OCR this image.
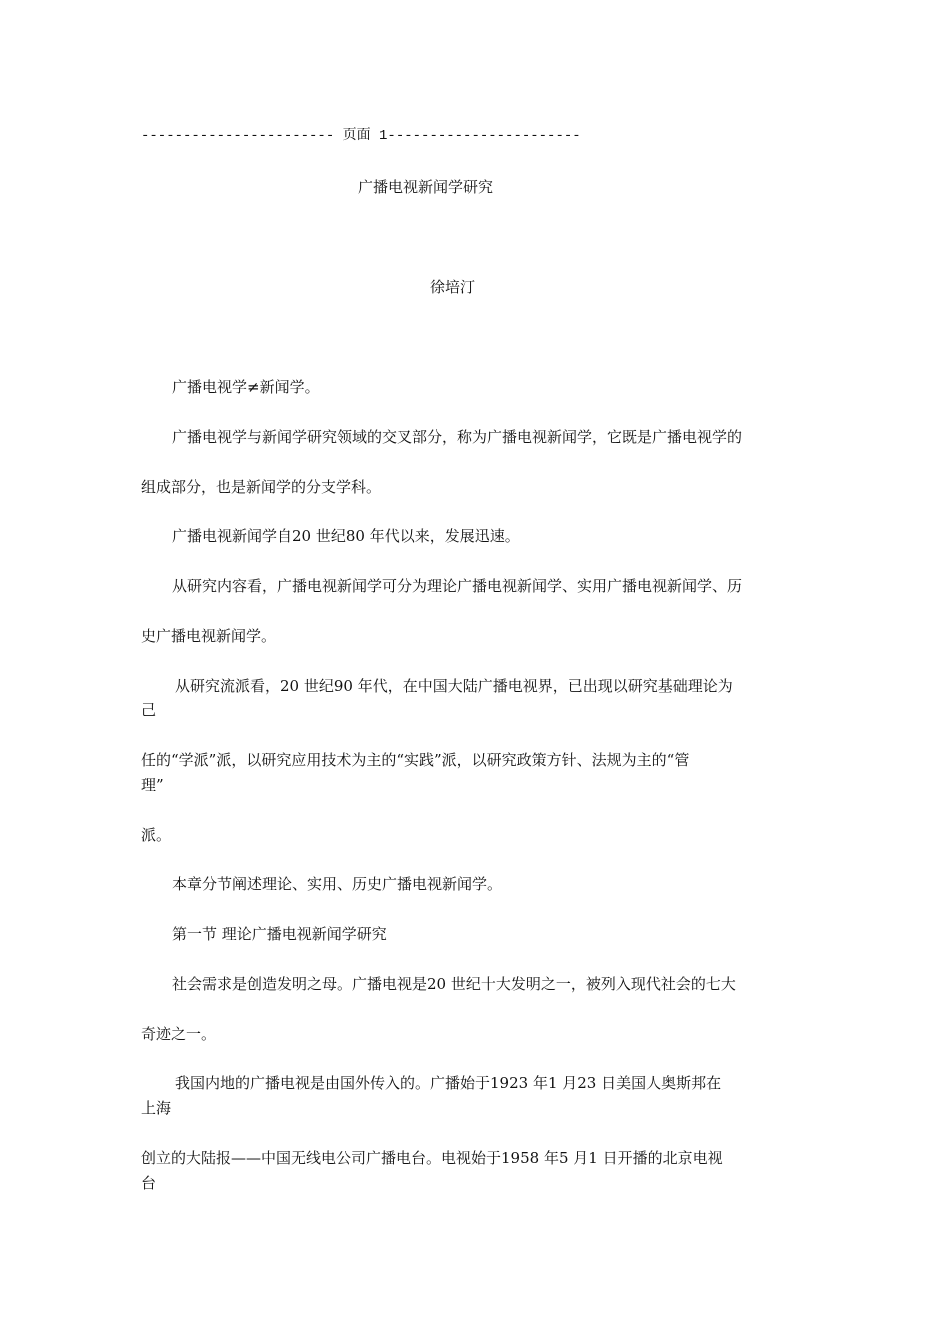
----------------------- 页面 1-----------------------
广播电视新闻学研究
徐培汀
广播电视学≠新闻学。
广播电视学与新闻学研究领域的交叉部分，称为广播电视新闻学，它既是广播电视学的
组成部分，也是新闻学的分支学科。
广播电视新闻学自20 世纪80 年代以来，发展迅速。
从研究内容看，广播电视新闻学可分为理论广播电视新闻学、实用广播电视新闻学、历
史广播电视新闻学。
从研究流派看，20 世纪90 年代，在中国大陆广播电视界，已出现以研究基础理论为
己
任的“学派”派，以研究应用技术为主的“实践”派，以研究政策方针、法规为主的“管
理”
派。
本章分节阐述理论、实用、历史广播电视新闻学。
第一节 理论广播电视新闻学研究
社会需求是创造发明之母。广播电视是20 世纪十大发明之一，被列入现代社会的七大
奇迹之一。
我国内地的广播电视是由国外传入的。广播始于1923 年1 月23 日美国人奥斯邦在
上海
创立的大陆报——中国无线电公司广播电台。电视始于1958 年5 月1 日开播的北京电视
台
